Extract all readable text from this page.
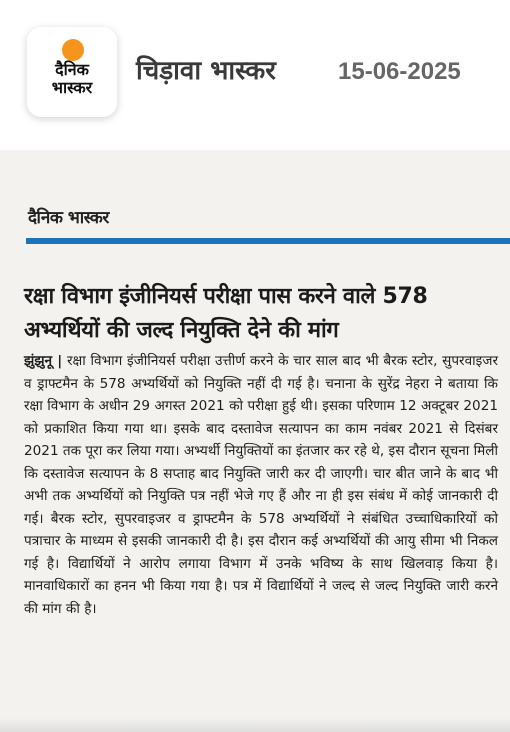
दैनिक
भास्कर
चिड़ावा भास्कर	15-06-2025
दैनिक भास्कर
रक्षा विभाग इंजीनियर्स परीक्षा पास करने वाले 578 अभ्यर्थियों की जल्द नियुक्ति देने की मांग
झुंझुनू | रक्षा विभाग इंजीनियर्स परीक्षा उत्तीर्ण करने के चार साल बाद भी बैरक स्टोर, सुपरवाइजर व ड्राफ्टमैन के 578 अभ्यर्थियों को नियुक्ति नहीं दी गई है। चनाना के सुरेंद्र नेहरा ने बताया कि रक्षा विभाग के अधीन 29 अगस्त 2021 को परीक्षा हुई थी। इसका परिणाम 12 अक्टूबर 2021 को प्रकाशित किया गया था। इसके बाद दस्तावेज सत्यापन का काम नवंबर 2021 से दिसंबर 2021 तक पूरा कर लिया गया। अभ्यर्थी नियुक्तियों का इंतजार कर रहे थे, इस दौरान सूचना मिली कि दस्तावेज सत्यापन के 8 सप्ताह बाद नियुक्ति जारी कर दी जाएगी। चार बीत जाने के बाद भी अभी तक अभ्यर्थियों को नियुक्ति पत्र नहीं भेजे गए हैं और ना ही इस संबंध में कोई जानकारी दी गई। बैरक स्टोर, सुपरवाइजर व ड्राफ्टमैन के 578 अभ्यर्थियों ने संबंधित उच्चाधिकारियों को पत्राचार के माध्यम से इसकी जानकारी दी है। इस दौरान कई अभ्यर्थियों की आयु सीमा भी निकल गई है। विद्यार्थियों ने आरोप लगाया विभाग में उनके भविष्य के साथ खिलवाड़ किया है। मानवाधिकारों का हनन भी किया गया है। पत्र में विद्यार्थियों ने जल्द से जल्द नियुक्ति जारी करने की मांग की है।
